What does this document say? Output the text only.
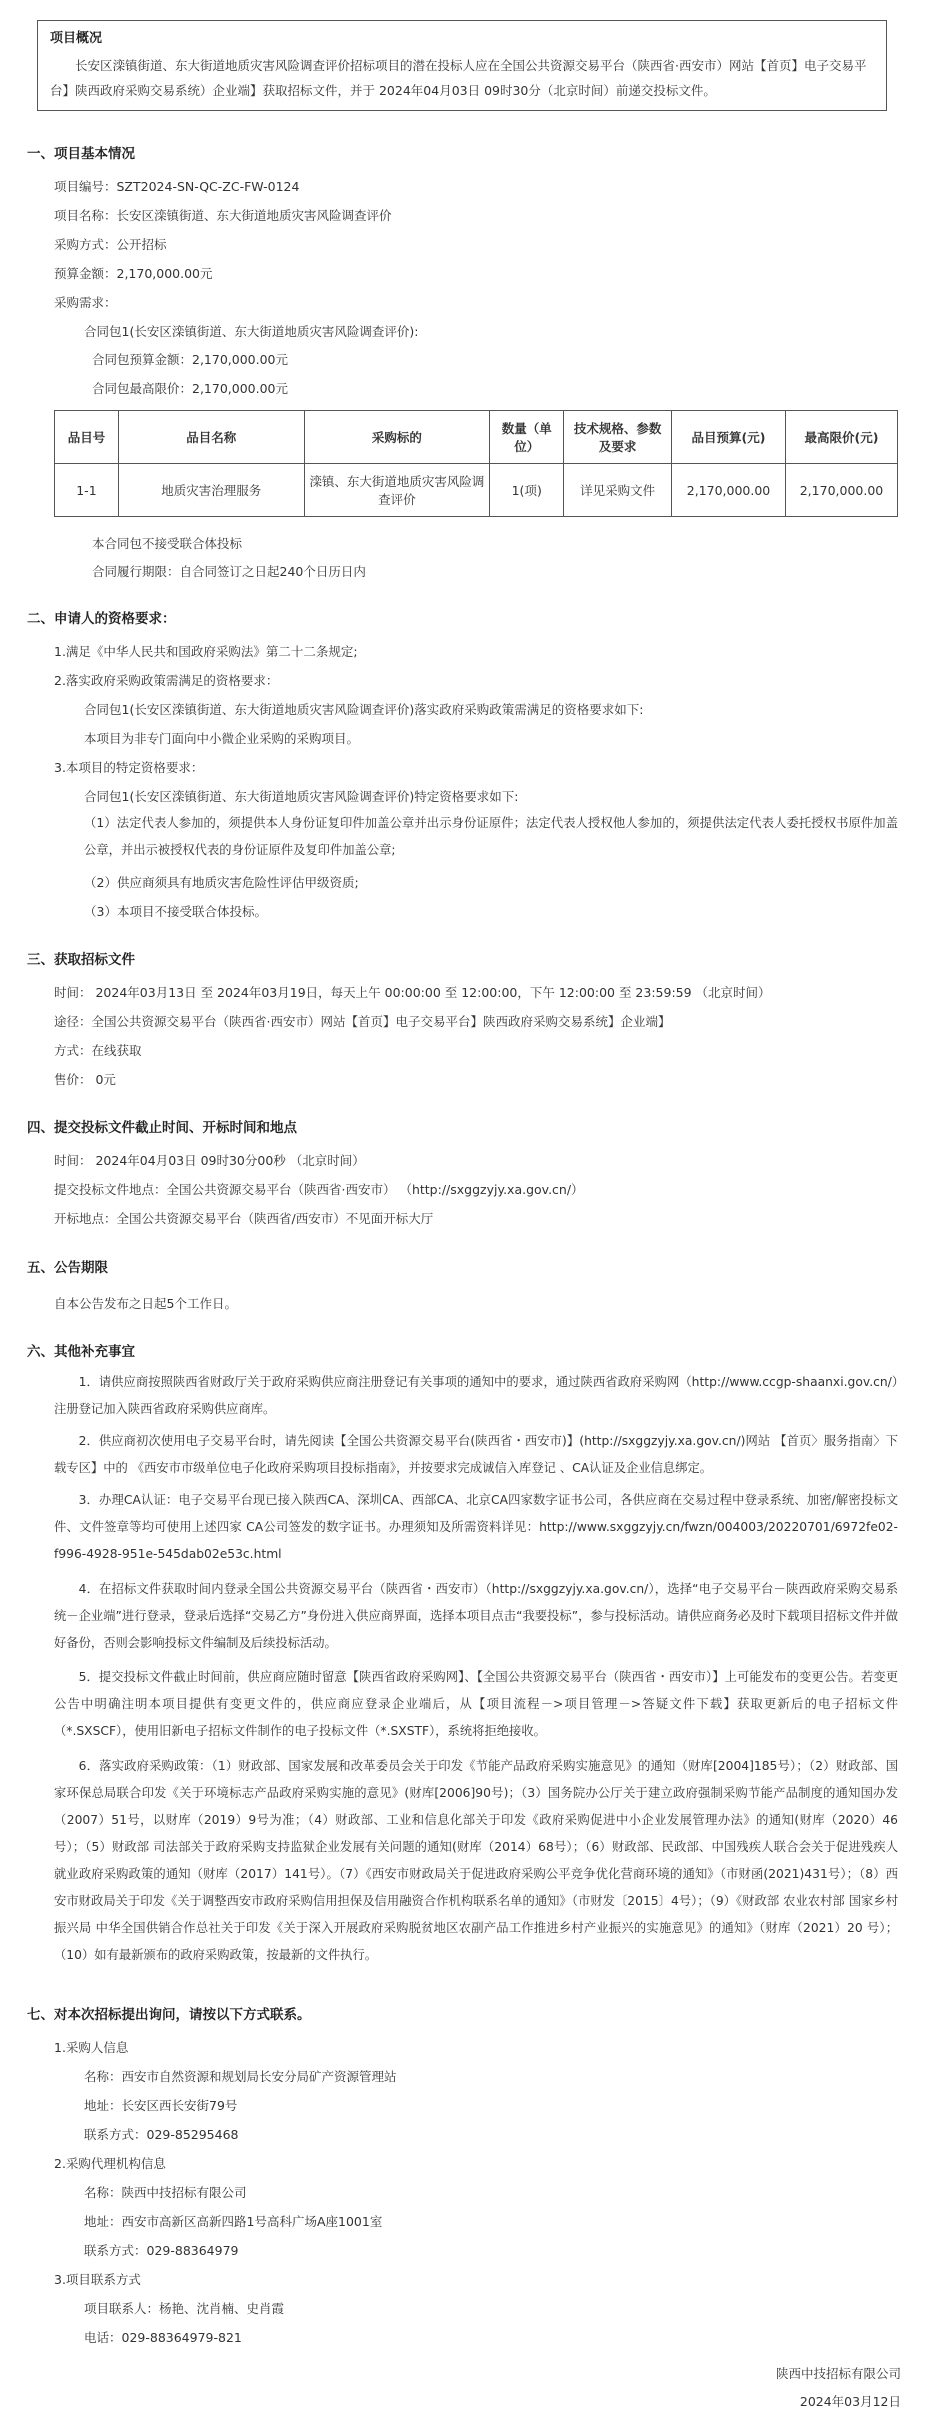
项目概况

长安区滦镇街道、东大街道地质灾害风险调查评价招标项目的潜在投标人应在全国公共资源交易平台（陕西省·西安市）网站【首页】电子交易平台】陕西政府采购交易系统）企业端】获取招标文件，并于 2024年04月03日 09时30分（北京时间）前递交投标文件。

一、项目基本情况
项目编号：SZT2024-SN-QC-ZC-FW-0124
项目名称：长安区滦镇街道、东大街道地质灾害风险调查评价
采购方式：公开招标
预算金额：2,170,000.00元
采购需求：
合同包1(长安区滦镇街道、东大街道地质灾害风险调查评价):
合同包预算金额：2,170,000.00元
合同包最高限价：2,170,000.00元
品目号	品目名称	采购标的	数量（单位）	技术规格、参数及要求	品目预算(元)	最高限价(元)
1-1	地质灾害治理服务	滦镇、东大街道地质灾害风险调查评价	1(项)	详见采购文件	2,170,000.00	2,170,000.00
本合同包不接受联合体投标
合同履行期限：自合同签订之日起240个日历日内
二、申请人的资格要求：
1.满足《中华人民共和国政府采购法》第二十二条规定;
2.落实政府采购政策需满足的资格要求：
合同包1(长安区滦镇街道、东大街道地质灾害风险调查评价)落实政府采购政策需满足的资格要求如下:
本项目为非专门面向中小微企业采购的采购项目。
3.本项目的特定资格要求：
合同包1(长安区滦镇街道、东大街道地质灾害风险调查评价)特定资格要求如下:
（1）法定代表人参加的，须提供本人身份证复印件加盖公章并出示身份证原件；法定代表人授权他人参加的，须提供法定代表人委托授权书原件加盖公章，并出示被授权代表的身份证原件及复印件加盖公章;
（2）供应商须具有地质灾害危险性评估甲级资质;
（3）本项目不接受联合体投标。
三、获取招标文件
时间： 2024年03月13日 至 2024年03月19日，每天上午 00:00:00 至 12:00:00，下午 12:00:00 至 23:59:59 （北京时间）
途径：全国公共资源交易平台（陕西省·西安市）网站【首页】电子交易平台】陕西政府采购交易系统】企业端】
方式：在线获取
售价： 0元
四、提交投标文件截止时间、开标时间和地点
时间： 2024年04月03日 09时30分00秒 （北京时间）
提交投标文件地点：全国公共资源交易平台（陕西省·西安市） （http://sxggzyjy.xa.gov.cn/）
开标地点：全国公共资源交易平台（陕西省/西安市）不见面开标大厅
五、公告期限
自本公告发布之日起5个工作日。
六、其他补充事宜
1．请供应商按照陕西省财政厅关于政府采购供应商注册登记有关事项的通知中的要求，通过陕西省政府采购网（http://www.ccgp-shaanxi.gov.cn/）注册登记加入陕西省政府采购供应商库。
2．供应商初次使用电子交易平台时，请先阅读【全国公共资源交易平台(陕西省・西安市)】(http://sxggzyjy.xa.gov.cn/)网站 【首页〉服务指南〉下载专区】中的 《西安市市级单位电子化政府采购项目投标指南》，并按要求完成诚信入库登记 、CA认证及企业信息绑定。
3．办理CA认证：电子交易平台现已接入陕西CA、深圳CA、西部CA、北京CA四家数字证书公司，各供应商在交易过程中登录系统、加密/解密投标文件、文件签章等均可使用上述四家 CA公司签发的数字证书。办理须知及所需资料详见：http://www.sxggzyjy.cn/fwzn/004003/20220701/6972fe02-f996-4928-951e-545dab02e53c.html
4．在招标文件获取时间内登录全国公共资源交易平台（陕西省・西安市）（http://sxggzyjy.xa.gov.cn/），选择“电子交易平台－陕西政府采购交易系统－企业端”进行登录，登录后选择“交易乙方”身份进入供应商界面，选择本项目点击“我要投标”，参与投标活动。请供应商务必及时下载项目招标文件并做好备份，否则会影响投标文件编制及后续投标活动。
5．提交投标文件截止时间前，供应商应随时留意【陕西省政府采购网】、【全国公共资源交易平台（陕西省・西安市）】上可能发布的变更公告。若变更公告中明确注明本项目提供有变更文件的，供应商应登录企业端后，从【项目流程－>项目管理－>答疑文件下载】获取更新后的电子招标文件（*.SXSCF），使用旧新电子招标文件制作的电子投标文件（*.SXSTF），系统将拒绝接收。
6．落实政府采购政策：（1）财政部、国家发展和改革委员会关于印发《节能产品政府采购实施意见》的通知（财库[2004]185号）；（2）财政部、国家环保总局联合印发《关于环境标志产品政府采购实施的意见》(财库[2006]90号)；（3）国务院办公厅关于建立政府强制采购节能产品制度的通知国办发（2007）51号，以财库（2019）9号为准；（4）财政部、工业和信息化部关于印发《政府采购促进中小企业发展管理办法》的通知(财库（2020）46号）；（5）财政部 司法部关于政府采购支持监狱企业发展有关问题的通知(财库（2014）68号）；（6）财政部、民政部、中国残疾人联合会关于促进残疾人就业政府采购政策的通知（财库（2017）141号）。（7）《西安市财政局关于促进政府采购公平竞争优化营商环境的通知》（市财函(2021)431号）；（8）西安市财政局关于印发《关于调整西安市政府采购信用担保及信用融资合作机构联系名单的通知》（市财发〔2015〕4号）；（9）《财政部 农业农村部 国家乡村振兴局 中华全国供销合作总社关于印发《关于深入开展政府采购脱贫地区农副产品工作推进乡村产业振兴的实施意见》的通知》（财库（2021）20 号）；（10）如有最新颁布的政府采购政策，按最新的文件执行。
七、对本次招标提出询问，请按以下方式联系。
1.采购人信息
名称：西安市自然资源和规划局长安分局矿产资源管理站
地址：长安区西长安街79号
联系方式：029-85295468
2.采购代理机构信息
名称：陕西中技招标有限公司
地址：西安市高新区高新四路1号高科广场A座1001室
联系方式：029-88364979
3.项目联系方式
项目联系人：杨艳、沈肖楠、史肖霞
电话：029-88364979-821
陕西中技招标有限公司
2024年03月12日
